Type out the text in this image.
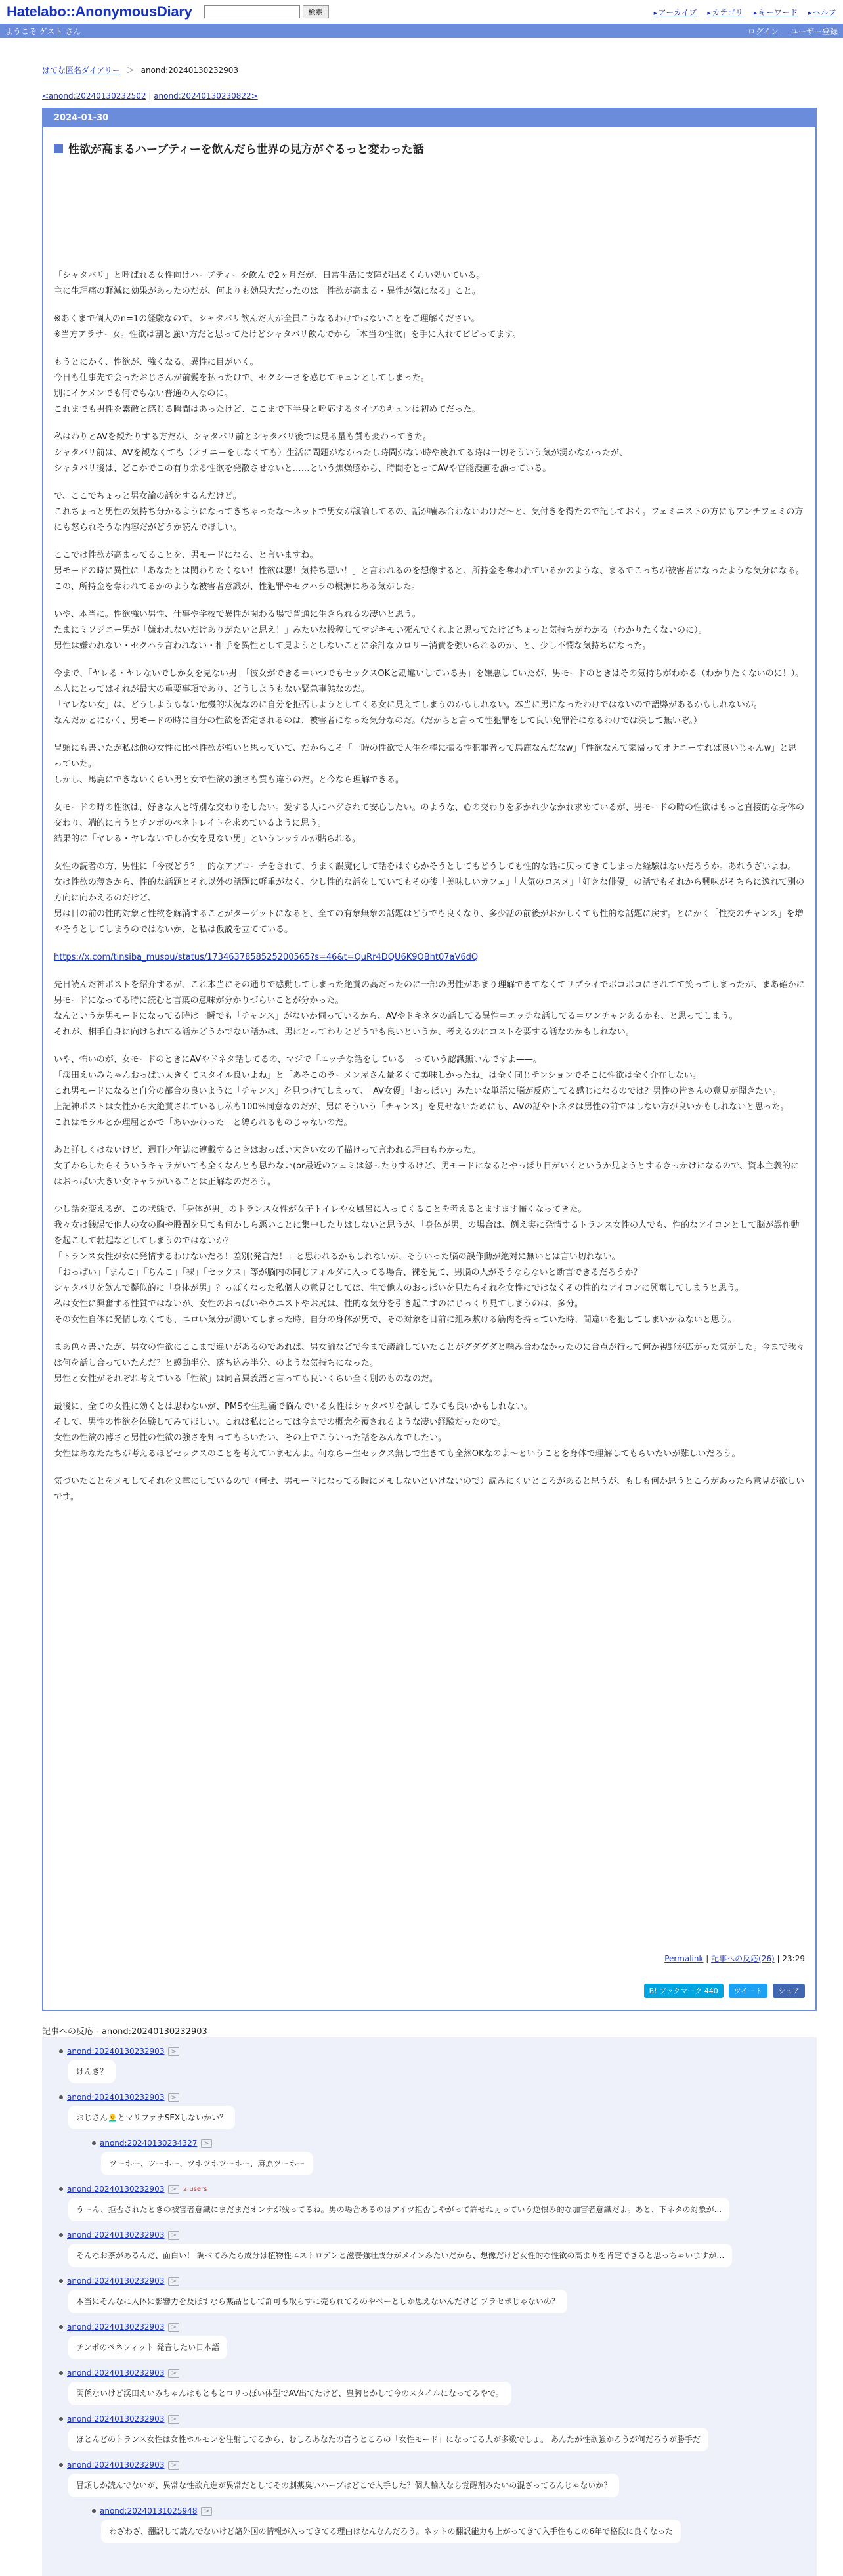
Hatelabo::AnonymousDiary	検索	▸ アーカイブ ▸ カテゴリ ▸ キーワード ▸ ヘルプ
ようこそ ゲスト さん	ログイン ユーザー登録
はてな匿名ダイアリー ＞ anond:20240130232903
<anond:20240130232502 | anond:20240130230822>
2024-01-30
性欲が高まるハーブティーを飲んだら世界の見方がぐるっと変わった話

「シャタバリ」と呼ばれる女性向けハーブティーを飲んで2ヶ月だが、日常生活に支障が出るくらい効いている。
主に生理痛の軽減に効果があったのだが、何よりも効果大だったのは「性欲が高まる・異性が気になる」こと。

※あくまで個人のn=1の経験なので、シャタバリ飲んだ人が全員こうなるわけではないことをご理解ください。
※当方アラサー女。性欲は割と強い方だと思ってたけどシャタバリ飲んでから「本当の性欲」を手に入れてビビってます。

もうとにかく、性欲が、強くなる。異性に目がいく。
今日も仕事先で会ったおじさんが前髪を払ったけで、セクシーさを感じてキュンとしてしまった。
別にイケメンでも何でもない普通の人なのに。
これまでも男性を素敵と感じる瞬間はあったけど、ここまで下半身と呼応するタイプのキュンは初めてだった。

私はわりとAVを観たりする方だが、シャタバリ前とシャタバリ後では見る量も質も変わってきた。
シャタバリ前は、AVを観なくても（オナニーをしなくても）生活に問題がなかったし時間がない時や疲れてる時は一切そういう気が湧かなかったが、
シャタバリ後は、どこかでこの有り余る性欲を発散させないと……という焦燥感から、時間をとってAVや官能漫画を漁っている。

で、ここでちょっと男女論の話をするんだけど。
これちょっと男性の気持ち分かるようになってきちゃったな〜ネットで男女が議論してるの、話が噛み合わないわけだ〜と、気付きを得たので記しておく。フェミニストの方にもアンチフェミの方にも怒られそうな内容だがどうか読んでほしい。

ここでは性欲が高まってることを、男モードになる、と言いますね。
男モードの時に異性に「あなたとは関わりたくない！性欲は悪！気持ち悪い！」と言われるのを想像すると、所持金を奪われているかのような、まるでこっちが被害者になったような気分になる。
この、所持金を奪われてるかのような被害者意識が、性犯罪やセクハラの根源にある気がした。

いや、本当に。性欲強い男性、仕事や学校で異性が関わる場で普通に生きられるの凄いと思う。
たまにミソジニー男が「嫌われないだけありがたいと思え！」みたいな投稿してマジキモい死んでくれよと思ってたけどちょっと気持ちがわかる（わかりたくないのに）。
男性は嫌われない・セクハラ言われない・相手を異性として見ようとしないことに余計なカロリー消費を強いられるのか、と、少し不憫な気持ちになった。

今まで、「ヤレる・ヤレないでしか女を見ない男」「彼女ができる＝いつでもセックスOKと勘違いしている男」を嫌悪していたが、男モードのときはその気持ちがわかる（わかりたくないのに！）。
本人にとってはそれが最大の重要事項であり、どうしようもない緊急事態なのだ。
「ヤレない女」は、どうしようもない危機的状況なのに自分を拒否しようとしてくる女に見えてしまうのかもしれない。本当に男になったわけではないので語弊があるかもしれないが。
なんだかとにかく、男モードの時に自分の性欲を否定されるのは、被害者になった気分なのだ。（だからと言って性犯罪をして良い免罪符になるわけでは決して無いぞ。）

冒頭にも書いたが私は他の女性に比べ性欲が強いと思っていて、だからこそ「一時の性欲で人生を棒に振る性犯罪者って馬鹿なんだなw」「性欲なんて家帰ってオナニーすれば良いじゃんw」と思っていた。
しかし、馬鹿にできないくらい男と女で性欲の強さも質も違うのだ。と今なら理解できる。

女モードの時の性欲は、好きな人と特別な交わりをしたい。愛する人にハグされて安心したい。のような、心の交わりを多かれ少なかれ求めているが、男モードの時の性欲はもっと直接的な身体の交わり、端的に言うとチンポのペネトレイトを求めているように思う。
結果的に「ヤレる・ヤレないでしか女を見ない男」というレッテルが貼られる。

女性の読者の方、男性に「今夜どう？」的なアプローチをされて、うまく誤魔化して話をはぐらかそうとしてもどうしても性的な話に戻ってきてしまった経験はないだろうか。あれうざいよね。
女は性欲の薄さから、性的な話題とそれ以外の話題に軽重がなく、少し性的な話をしていてもその後「美味しいカフェ」「人気のコスメ」「好きな俳優」の話でもそれから興味がそちらに逸れて別の方向に向かえるのだけど、
男は目の前の性的対象と性欲を解消することがターゲットになると、全ての有象無象の話題はどうでも良くなり、多少話の前後がおかしくても性的な話題に戻す。とにかく「性交のチャンス」を増やそうとしてしまうのではないか、と私は仮説を立てている。

https://x.com/tinsiba_musou/status/1734637858525200565?s=46&t=QuRr4DQU6K9OBht07aV6dQ

先日読んだ神ポストを紹介するが、これ本当にその通りで感動してしまった絶賛の高だったのに一部の男性があまり理解できてなくてリプライでボコボコにされてて笑ってしまったが、まあ確かに男モードになってる時に読むと言葉の意味が分かりづらいことが分かった。
なんというか男モードになってる時は一瞬でも「チャンス」がないか伺っているから、AVやドキネタの話してる異性＝エッチな話してる＝ワンチャンあるかも、と思ってしまう。
それが、相手自身に向けられてる話かどうかでない話かは、男にとってわりとどうでも良いというか、考えるのにコストを要する話なのかもしれない。

いや、怖いのが、女モードのときにAVやドネタ話してるの、マジで「エッチな話をしている」っていう認識無いんですよ——。
「渓田えいみちゃんおっぱい大きくてスタイル良いよね」と「あそこのラーメン屋さん量多くて美味しかったね」は全く同じテンションでそこに性欲は全く介在しない。
これ男モードになると自分の都合の良いように「チャンス」を見つけてしまって、「AV女優」「おっぱい」みたいな単語に脳が反応してる感じになるのでは？男性の皆さんの意見が聞きたい。
上記神ポストは女性から大絶賛されているし私も100%同意なのだが、男にそういう「チャンス」を見せないためにも、AVの話や下ネタは男性の前ではしない方が良いかもしれないと思った。
これはモラルとか理屈とかで「あいかわった」と縛られるものじゃないのだ。

あと詳しくはないけど、週刊少年誌に連載するときはおっぱい大きい女の子描けって言われる理由もわかった。
女子からしたらそういうキャラがいても全くなんとも思わない(or最近のフェミは怒ったりするけど、男モードになるとやっぱり目がいくというか見ようとするきっかけになるので、資本主義的にはおっぱい大きい女キャラがいることは正解なのだろう。

少し話を変えるが、この状態で、「身体が男」のトランス女性が女子トイレや女風呂に入ってくることを考えるとますます怖くなってきた。
我々女は銭湯で他人の女の胸や股間を見ても何かしら悪いことに集中したりはしないと思うが、「身体が男」の場合は、例え実に発情するトランス女性の人でも、性的なアイコンとして脳が誤作動を起こして勃起などしてしまうのではないか？
「トランス女性が女に発情するわけないだろ！差別(発言だ！」と思われるかもしれないが、そういった脳の誤作動が絶対に無いとは言い切れない。
「おっぱい」「まんこ」「ちんこ」「裸」「セックス」等が脳内の同じフォルダに入ってる場合、裸を見て、男脳の人がそうならないと断言できるだろうか？
シャタバリを飲んで擬似的に「身体が男」？っぽくなった私個人の意見としては、生で他人のおっぱいを見たらそれを女性にではなくその性的なアイコンに興奮してしまうと思う。
私は女性に興奮する性質ではないが、女性のおっぱいやウエストやお尻は、性的な気分を引き起こすのにじっくり見てしまうのは、多分。
その女性自体に発情しなくても、エロい気分が湧いてしまった時、自分の身体が男で、その対象を目前に組み敷ける筋肉を持っていた時、間違いを犯してしまいかねないと思う。

まあ色々書いたが、男女の性欲にここまで違いがあるのであれば、男女論などで今まで議論していたことがグダグダと噛み合わなかったのに合点が行って何か視野が広がった気がした。今まで我々は何を話し合っていたんだ？と感動半分、落ち込み半分、のような気持ちになった。
男性と女性がそれぞれ考えている「性欲」は同音異義語と言っても良いくらい全く別のものなのだ。

最後に、全ての女性に効くとは思わないが、PMSや生理痛で悩んでいる女性はシャタバリを試してみても良いかもしれない。
そして、男性の性欲を体験してみてほしい。これは私にとっては今までの概念を覆されるような凄い経験だったので。
女性の性欲の薄さと男性の性欲の強さを知ってもらいたい、その上でこういった話をみんなでしたい。
女性はあなたたちが考えるほどセックスのことを考えていませんよ。何ならー生セックス無しで生きても全然OKなのよ〜ということを身体で理解してもらいたいが難しいだろう。

気づいたことをメモしてそれを文章にしているので（何せ、男モードになってる時にメモしないといけないので）読みにくいところがあると思うが、もしも何か思うところがあったら意見が欲しいです。

Permalink | 記事への反応(26) | 23:29
B! ブックマーク 440	ツイート	シェア
記事への反応 - anond:20240130232903
anond:20240130232903	>
けんき？
anond:20240130232903	>
おじさん👨‍🦲とマリファナSEXしないかい？
anond:20240130234327	>
ツーホー、ツーホー、ツホツホツーホー、麻原ツーホー
anond:20240130232903	>	2 users
うーん、拒否されたときの被害者意識にまだまだオンナが残ってるね。男の場合あるのはアイツ拒否しやがって許せねぇっていう逆恨み的な加害者意識だよ。あと、下ネタの対象が...
anond:20240130232903	>
そんなお茶があるんだ、面白い！ 調べてみたら成分は植物性エストロゲンと滋養強壮成分がメインみたいだから、想像だけど女性的な性欲の高まりを肯定できると思っちゃいますが…
anond:20240130232903	>
本当にそんなに人体に影響力を及ぼすなら薬品として許可も取らずに売られてるのやべーとしか思えないんだけど プラセボじゃないの？
anond:20240130232903	>
チンポのペネフィット 発音したい日本語
anond:20240130232903	>
関係ないけど渓田えいみちゃんはもともとロリっぽい体型でAV出てたけど、豊胸とかして今のスタイルになってるやで。
anond:20240130232903	>
ほとんどのトランス女性は女性ホルモンを注射してるから、むしろあなたの言うところの「女性モード」になってる人が多数でしょ。 あんたが性欲強かろうが何だろうが勝手だ
anond:20240130232903	>
冒頭しか読んでないが、異常な性欲亢進が異常だとしてその劇薬臭いハーブはどこで入手した？個人輸入なら覚醒剤みたいの混ざってるんじゃないか？
anond:20240131025948	>
わざわざ、翻訳して読んでないけど諸外国の情報が入ってきてる理由はなんなんだろう。ネットの翻訳能力も上がってきて入手性もこの6年で格段に良くなった
